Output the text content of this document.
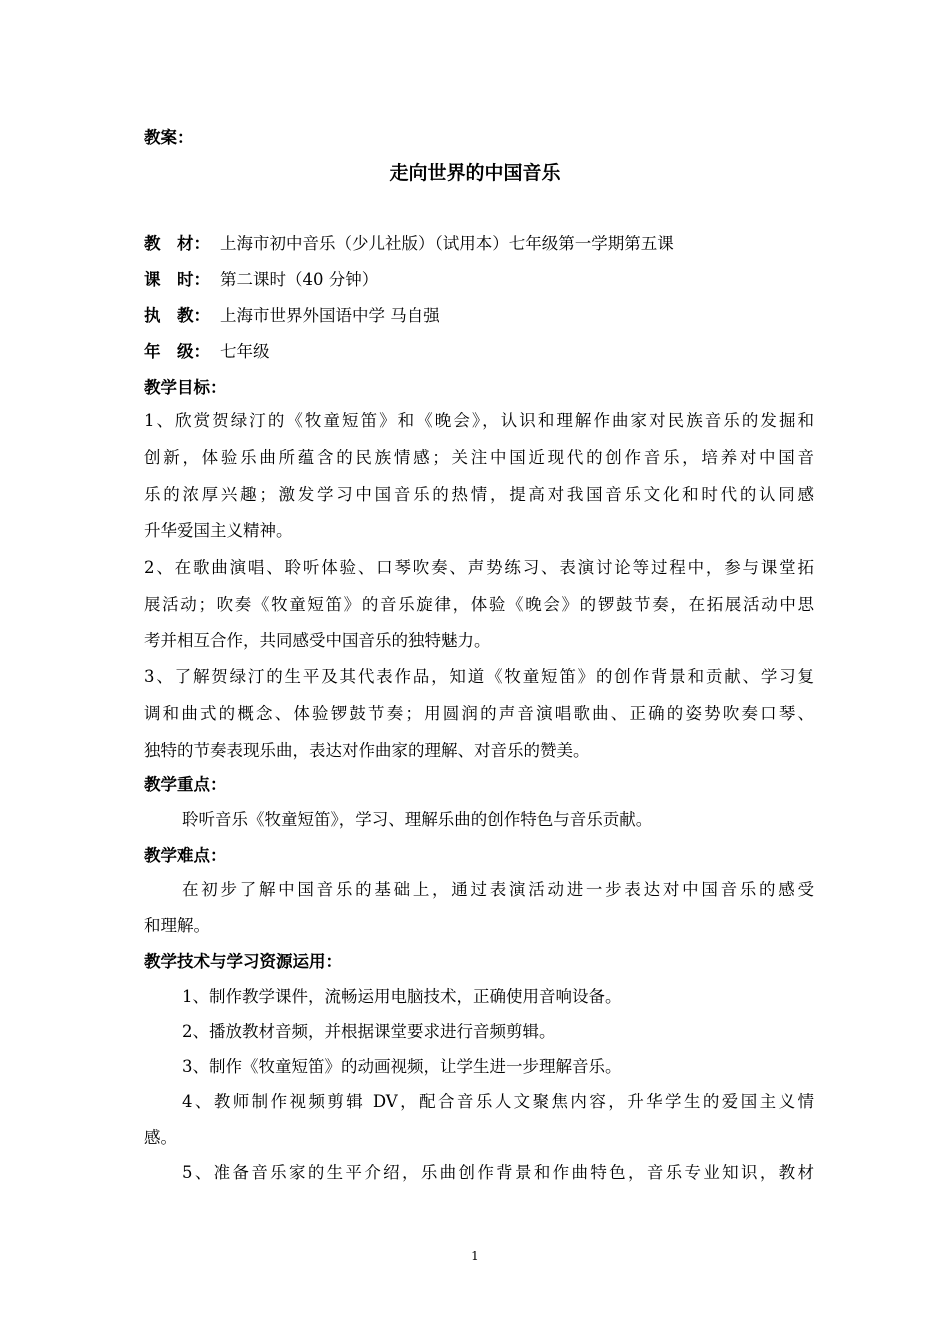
教案：
走向世界的中国音乐
教　材： 上海市初中音乐（少儿社版）（试用本）七年级第一学期第五课
课　时： 第二课时（40 分钟）
执　教： 上海市世界外国语中学 马自强
年　级： 七年级
教学目标：
1、欣赏贺绿汀的《牧童短笛》和《晚会》，认识和理解作曲家对民族音乐的发掘和
创新，体验乐曲所蕴含的民族情感；关注中国近现代的创作音乐，培养对中国音
乐的浓厚兴趣；激发学习中国音乐的热情，提高对我国音乐文化和时代的认同感
升华爱国主义精神。
2、在歌曲演唱、聆听体验、口琴吹奏、声势练习、表演讨论等过程中，参与课堂拓
展活动；吹奏《牧童短笛》的音乐旋律，体验《晚会》的锣鼓节奏，在拓展活动中思
考并相互合作，共同感受中国音乐的独特魅力。
3、了解贺绿汀的生平及其代表作品，知道《牧童短笛》的创作背景和贡献、学习复
调和曲式的概念、体验锣鼓节奏；用圆润的声音演唱歌曲、正确的姿势吹奏口琴、
独特的节奏表现乐曲，表达对作曲家的理解、对音乐的赞美。
教学重点：
聆听音乐《牧童短笛》，学习、理解乐曲的创作特色与音乐贡献。
教学难点：
在初步了解中国音乐的基础上，通过表演活动进一步表达对中国音乐的感受
和理解。
教学技术与学习资源运用：
1、制作教学课件，流畅运用电脑技术，正确使用音响设备。
2、播放教材音频，并根据课堂要求进行音频剪辑。
3、制作《牧童短笛》的动画视频，让学生进一步理解音乐。
4、教师制作视频剪辑 DV，配合音乐人文聚焦内容，升华学生的爱国主义情
感。
5、准备音乐家的生平介绍，乐曲创作背景和作曲特色，音乐专业知识，教材
1
